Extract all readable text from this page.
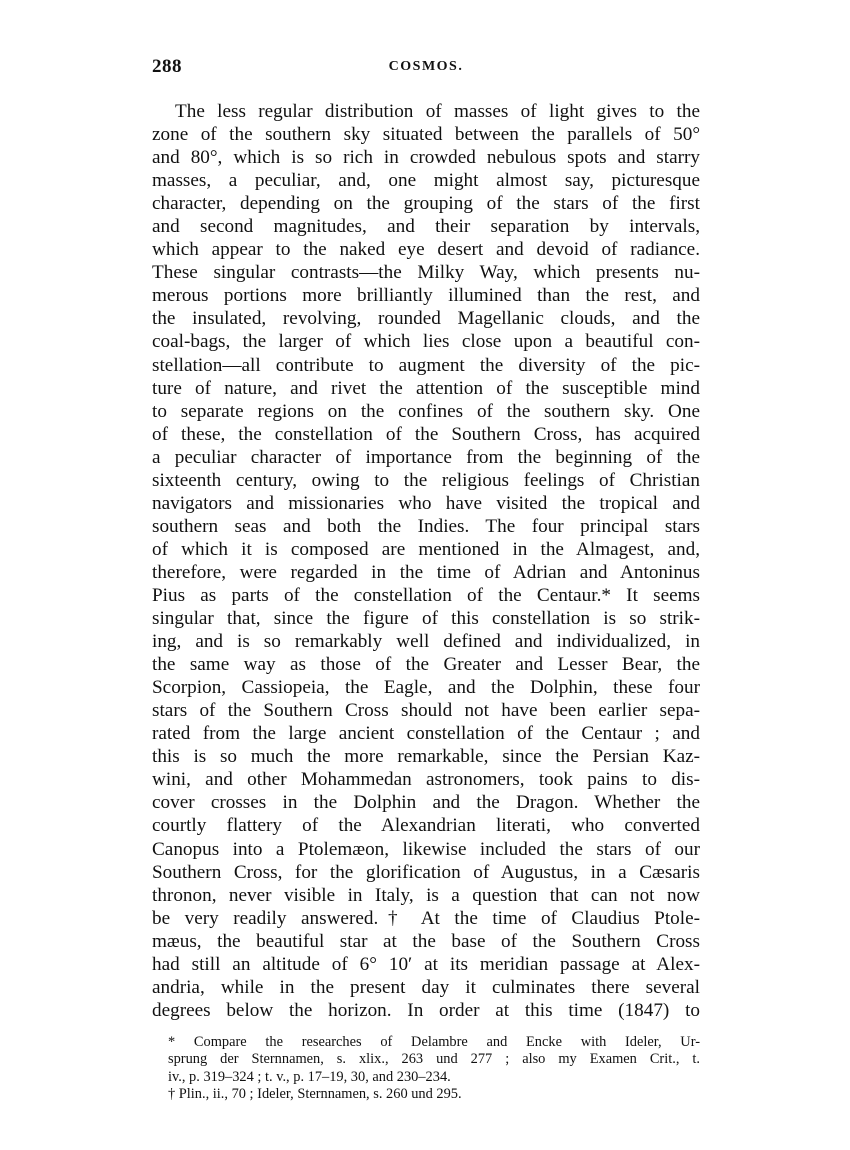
288	COSMOS.
The less regular distribution of masses of light gives to the
zone of the southern sky situated between the parallels of 50°
and 80°, which is so rich in crowded nebulous spots and starry
masses, a peculiar, and, one might almost say, picturesque
character, depending on the grouping of the stars of the first
and second magnitudes, and their separation by intervals,
which appear to the naked eye desert and devoid of radiance.
These singular contrasts—the Milky Way, which presents nu-
merous portions more brilliantly illumined than the rest, and
the insulated, revolving, rounded Magellanic clouds, and the
coal-bags, the larger of which lies close upon a beautiful con-
stellation—all contribute to augment the diversity of the pic-
ture of nature, and rivet the attention of the susceptible mind
to separate regions on the confines of the southern sky. One
of these, the constellation of the Southern Cross, has acquired
a peculiar character of importance from the beginning of the
sixteenth century, owing to the religious feelings of Christian
navigators and missionaries who have visited the tropical and
southern seas and both the Indies. The four principal stars
of which it is composed are mentioned in the Almagest, and,
therefore, were regarded in the time of Adrian and Antoninus
Pius as parts of the constellation of the Centaur.* It seems
singular that, since the figure of this constellation is so strik-
ing, and is so remarkably well defined and individualized, in
the same way as those of the Greater and Lesser Bear, the
Scorpion, Cassiopeia, the Eagle, and the Dolphin, these four
stars of the Southern Cross should not have been earlier sepa-
rated from the large ancient constellation of the Centaur ; and
this is so much the more remarkable, since the Persian Kaz-
wini, and other Mohammedan astronomers, took pains to dis-
cover crosses in the Dolphin and the Dragon. Whether the
courtly flattery of the Alexandrian literati, who converted
Canopus into a Ptolemæon, likewise included the stars of our
Southern Cross, for the glorification of Augustus, in a Cæsaris
thronon, never visible in Italy, is a question that can not now
be very readily answered.† At the time of Claudius Ptole-
mæus, the beautiful star at the base of the Southern Cross
had still an altitude of 6° 10′ at its meridian passage at Alex-
andria, while in the present day it culminates there several
degrees below the horizon. In order at this time (1847) to
* Compare the researches of Delambre and Encke with Ideler, Ur-
sprung der Sternnamen, s. xlix., 263 und 277 ; also my Examen Crit., t.
iv., p. 319–324 ; t. v., p. 17–19, 30, and 230–234.
† Plin., ii., 70 ; Ideler, Sternnamen, s. 260 und 295.
